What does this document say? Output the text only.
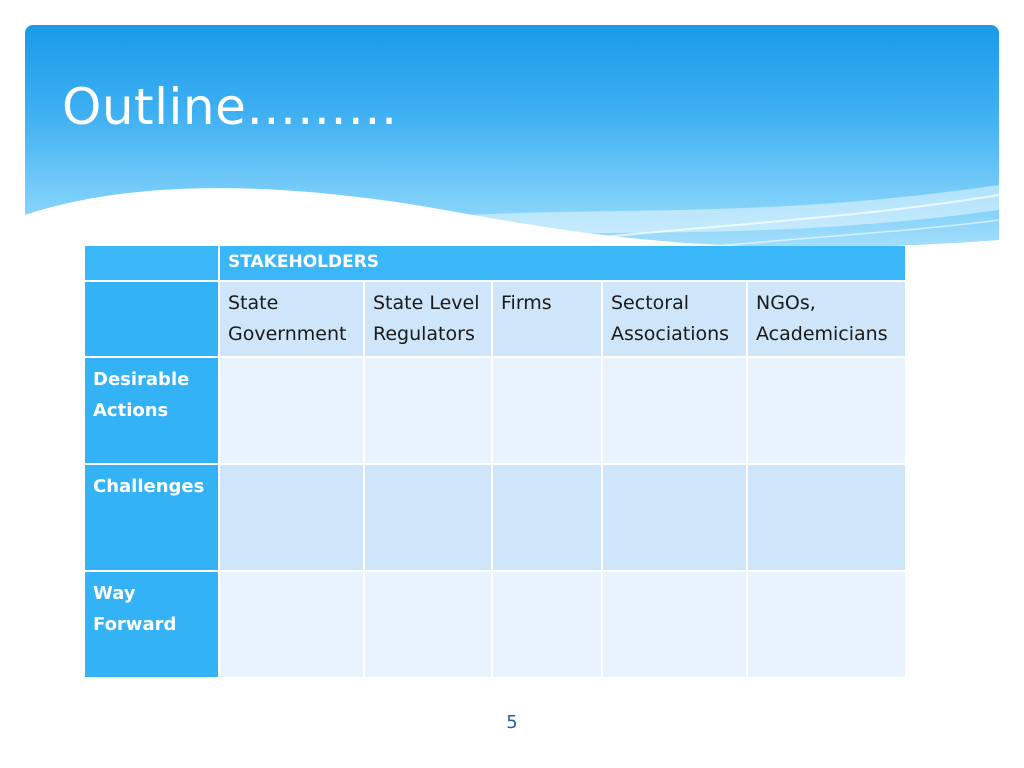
Outline………
	STAKEHOLDERS				
	State Government	State Level Regulators	Firms	Sectoral Associations	NGOs, Academicians
Desirable Actions					
Challenges					
Way Forward					
5
